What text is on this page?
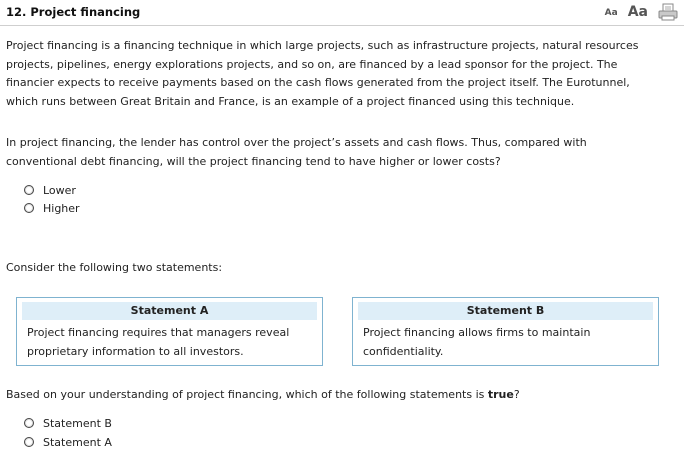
12. Project financing	Aa Aa
Project financing is a financing technique in which large projects, such as infrastructure projects, natural resources
projects, pipelines, energy explorations projects, and so on, are financed by a lead sponsor for the project. The
financier expects to receive payments based on the cash flows generated from the project itself. The Eurotunnel,
which runs between Great Britain and France, is an example of a project financed using this technique.
In project financing, the lender has control over the project’s assets and cash flows. Thus, compared with
conventional debt financing, will the project financing tend to have higher or lower costs?
Lower
Higher
Consider the following two statements:
Statement A
Project financing requires that managers reveal
proprietary information to all investors.
Statement B
Project financing allows firms to maintain
confidentiality.
Based on your understanding of project financing, which of the following statements is true?
Statement B
Statement A
